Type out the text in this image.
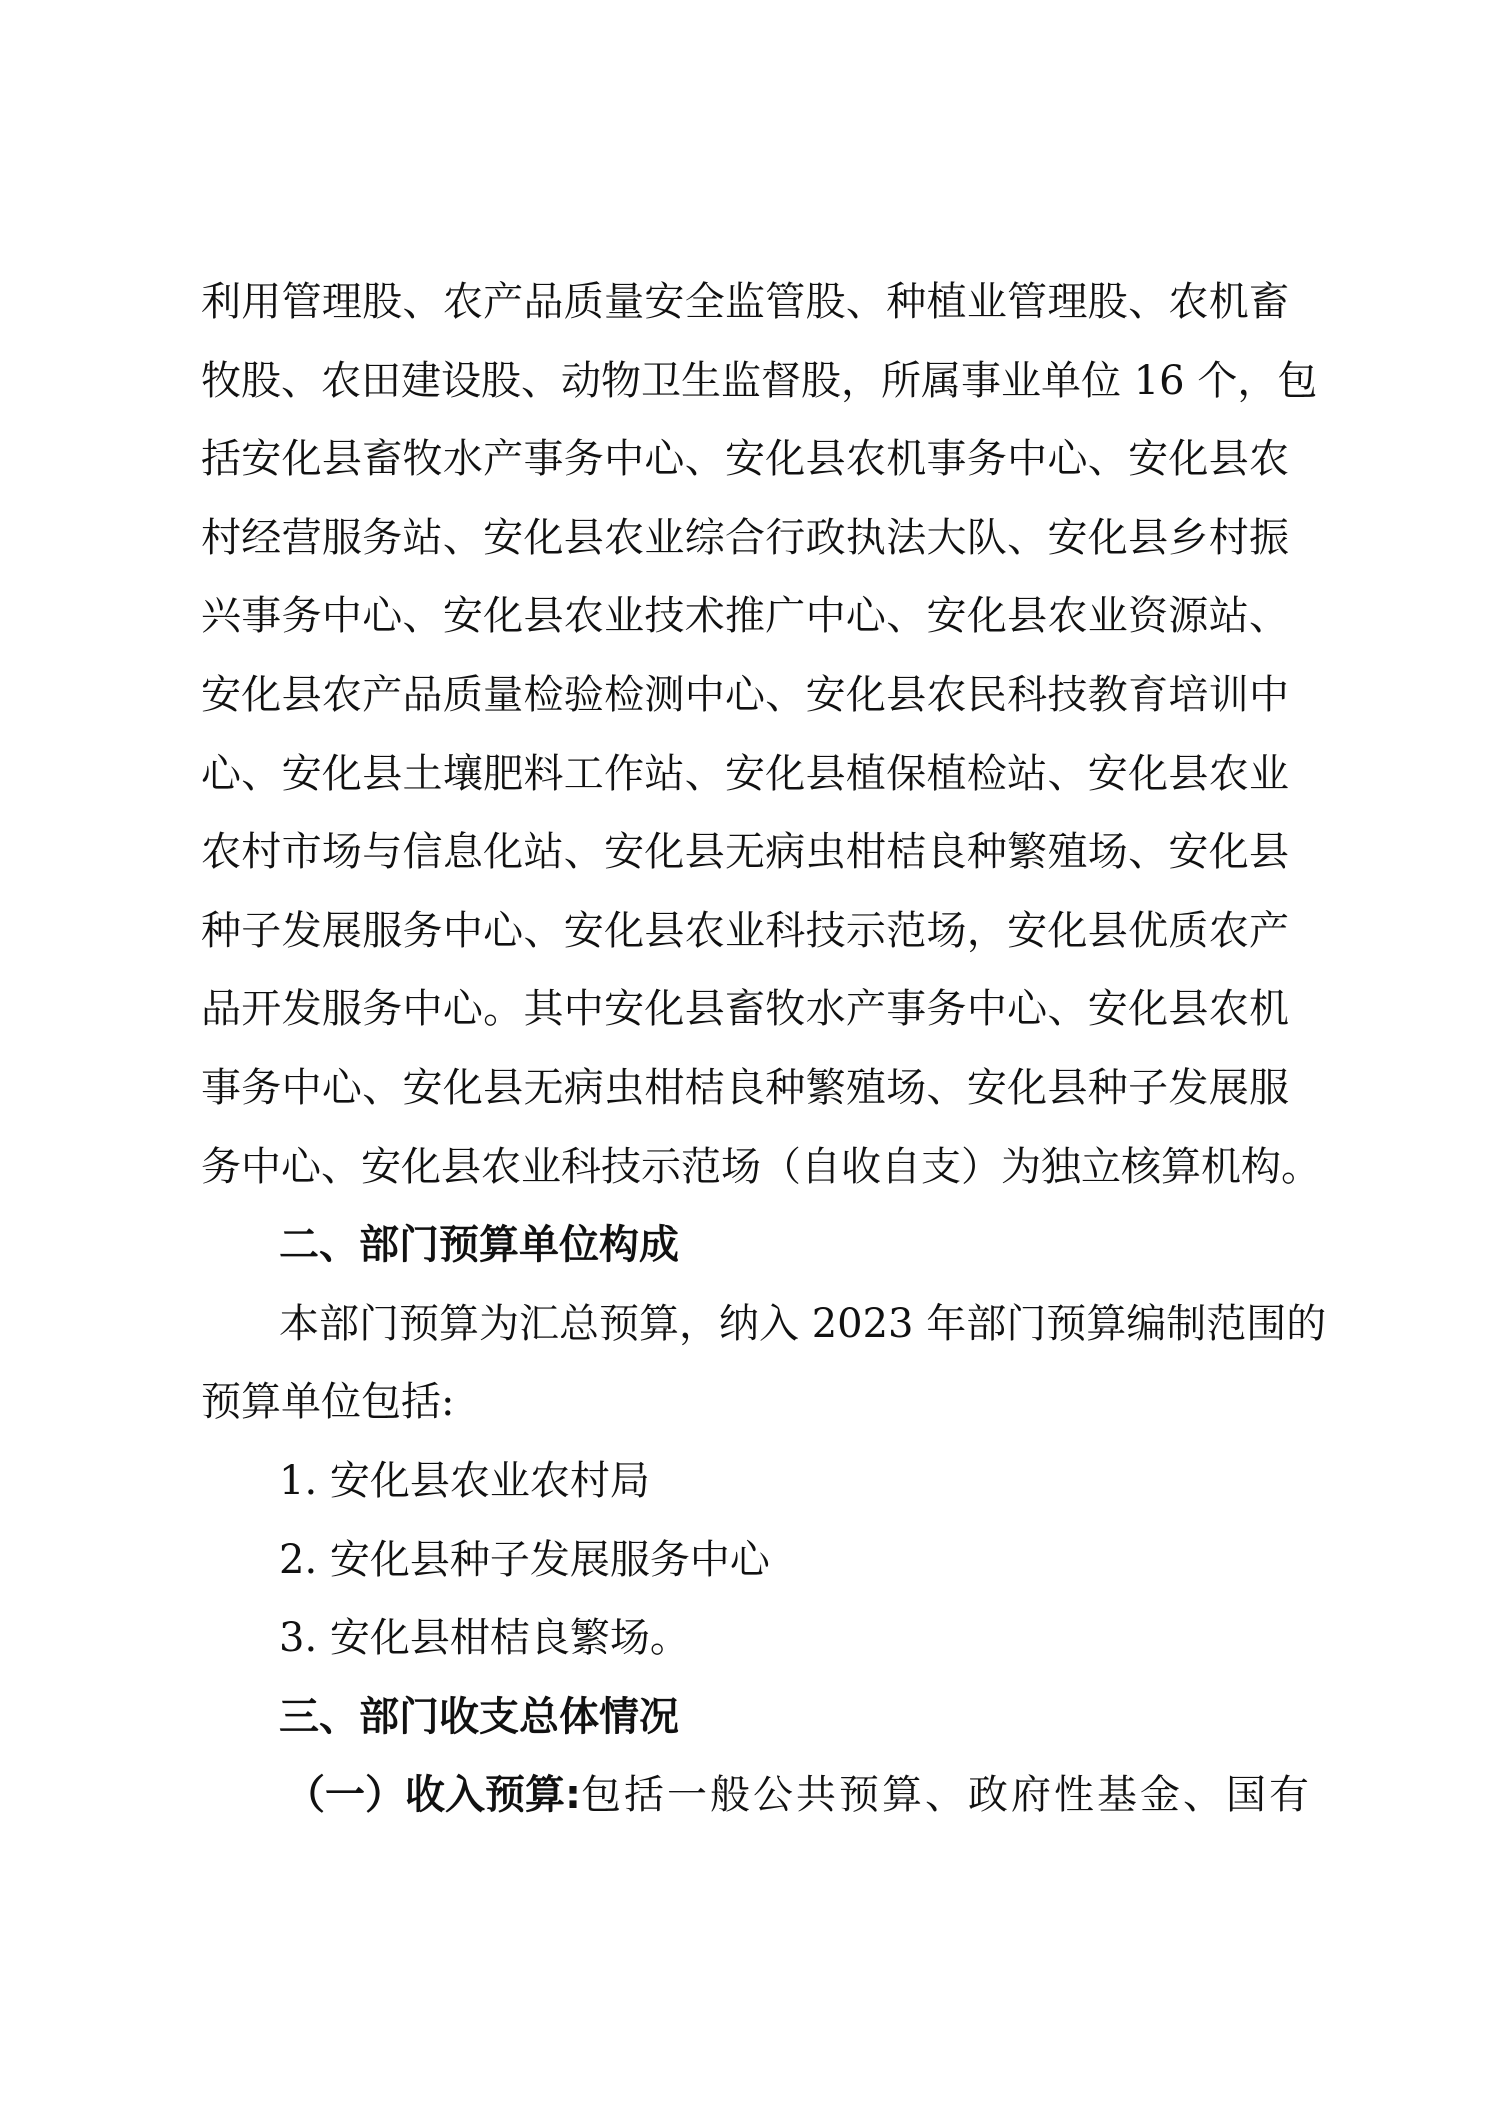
利用管理股、农产品质量安全监管股、种植业管理股、农机畜
牧股、农田建设股、动物卫生监督股，所属事业单位 16 个，包
括安化县畜牧水产事务中心、安化县农机事务中心、安化县农
村经营服务站、安化县农业综合行政执法大队、安化县乡村振
兴事务中心、安化县农业技术推广中心、安化县农业资源站、
安化县农产品质量检验检测中心、安化县农民科技教育培训中
心、安化县土壤肥料工作站、安化县植保植检站、安化县农业
农村市场与信息化站、安化县无病虫柑桔良种繁殖场、安化县
种子发展服务中心、安化县农业科技示范场，安化县优质农产
品开发服务中心。其中安化县畜牧水产事务中心、安化县农机
事务中心、安化县无病虫柑桔良种繁殖场、安化县种子发展服
务中心、安化县农业科技示范场（自收自支）为独立核算机构。
二、部门预算单位构成
本部门预算为汇总预算，纳入 2023 年部门预算编制范围的
预算单位包括:
1. 安化县农业农村局
2. 安化县种子发展服务中心
3. 安化县柑桔良繁场。
三、部门收支总体情况
（一）收入预算:包括一般公共预算、政府性基金、国有
